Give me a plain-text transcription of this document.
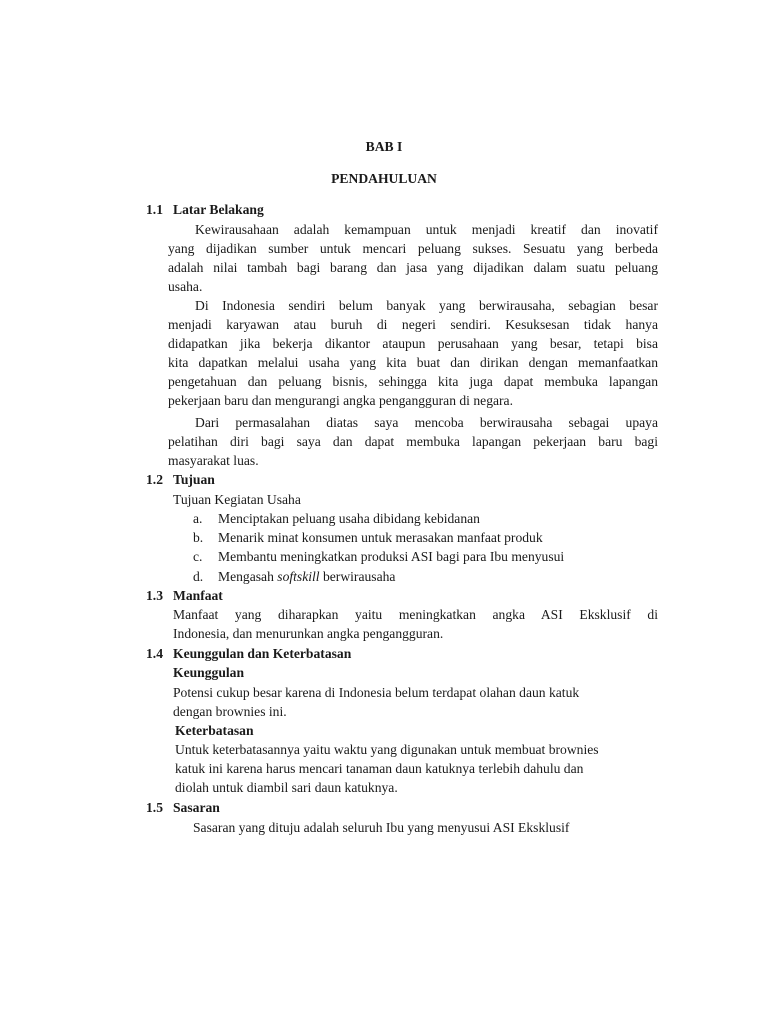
BAB I
PENDAHULUAN
1.1 Latar Belakang
Kewirausahaan adalah kemampuan untuk menjadi kreatif dan inovatif
yang dijadikan sumber untuk mencari peluang sukses. Sesuatu yang berbeda
adalah nilai tambah bagi barang dan jasa yang dijadikan dalam suatu peluang
usaha.
Di Indonesia sendiri belum banyak yang berwirausaha, sebagian besar
menjadi karyawan atau buruh di negeri sendiri. Kesuksesan tidak hanya
didapatkan jika bekerja dikantor ataupun perusahaan yang besar, tetapi bisa
kita dapatkan melalui usaha yang kita buat dan dirikan dengan memanfaatkan
pengetahuan dan peluang bisnis, sehingga kita juga dapat membuka lapangan
pekerjaan baru dan mengurangi angka pengangguran di negara.
Dari permasalahan diatas saya mencoba berwirausaha sebagai upaya
pelatihan diri bagi saya dan dapat membuka lapangan pekerjaan baru bagi
masyarakat luas.
1.2 Tujuan
Tujuan Kegiatan Usaha
a. Menciptakan peluang usaha dibidang kebidanan
b. Menarik minat konsumen untuk merasakan manfaat produk
c. Membantu meningkatkan produksi ASI bagi para Ibu menyusui
d. Mengasah softskill berwirausaha
1.3 Manfaat
Manfaat yang diharapkan yaitu meningkatkan angka ASI Eksklusif di
Indonesia, dan menurunkan angka pengangguran.
1.4 Keunggulan dan Keterbatasan
Keunggulan
Potensi cukup besar karena di Indonesia belum terdapat olahan daun katuk
dengan brownies ini.
Keterbatasan
Untuk keterbatasannya yaitu waktu yang digunakan untuk membuat brownies
katuk ini karena harus mencari tanaman daun katuknya terlebih dahulu dan
diolah untuk diambil sari daun katuknya.
1.5 Sasaran
Sasaran yang dituju adalah seluruh Ibu yang menyusui ASI Eksklusif
